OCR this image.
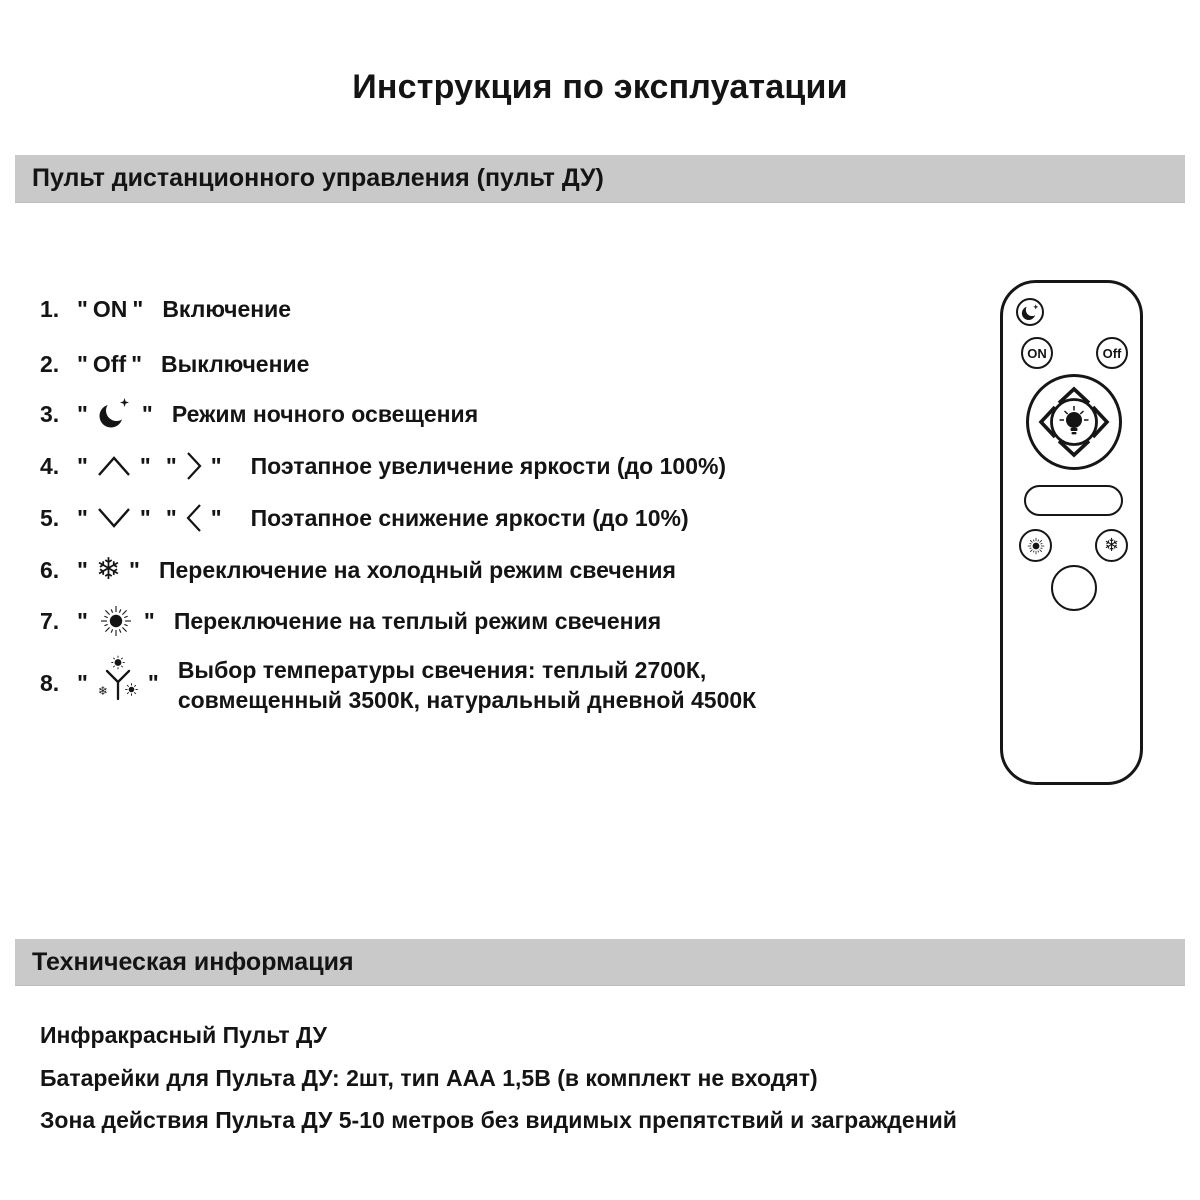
Инструкция по эксплуатации
Пульт дистанционного управления (пульт ДУ)
1. " ON " Включение
2. " Off " Выключение
3. " " Режим ночного освещения
4. " " " " Поэтапное увеличение яркости (до 100%)
5. " " " " Поэтапное снижение яркости (до 10%)
6. " ❄ " Переключение на холодный режим свечения
7. " " Переключение на теплый режим свечения
8. " ❄ " Выбор температуры свечения: теплый 2700К,
совмещенный 3500К, натуральный дневной 4500К
ON	Off
❄
Техническая информация
Инфракрасный Пульт ДУ
Батарейки для Пульта ДУ: 2шт, тип ААА 1,5В (в комплект не входят)
Зона действия Пульта ДУ 5-10 метров без видимых препятствий и заграждений
